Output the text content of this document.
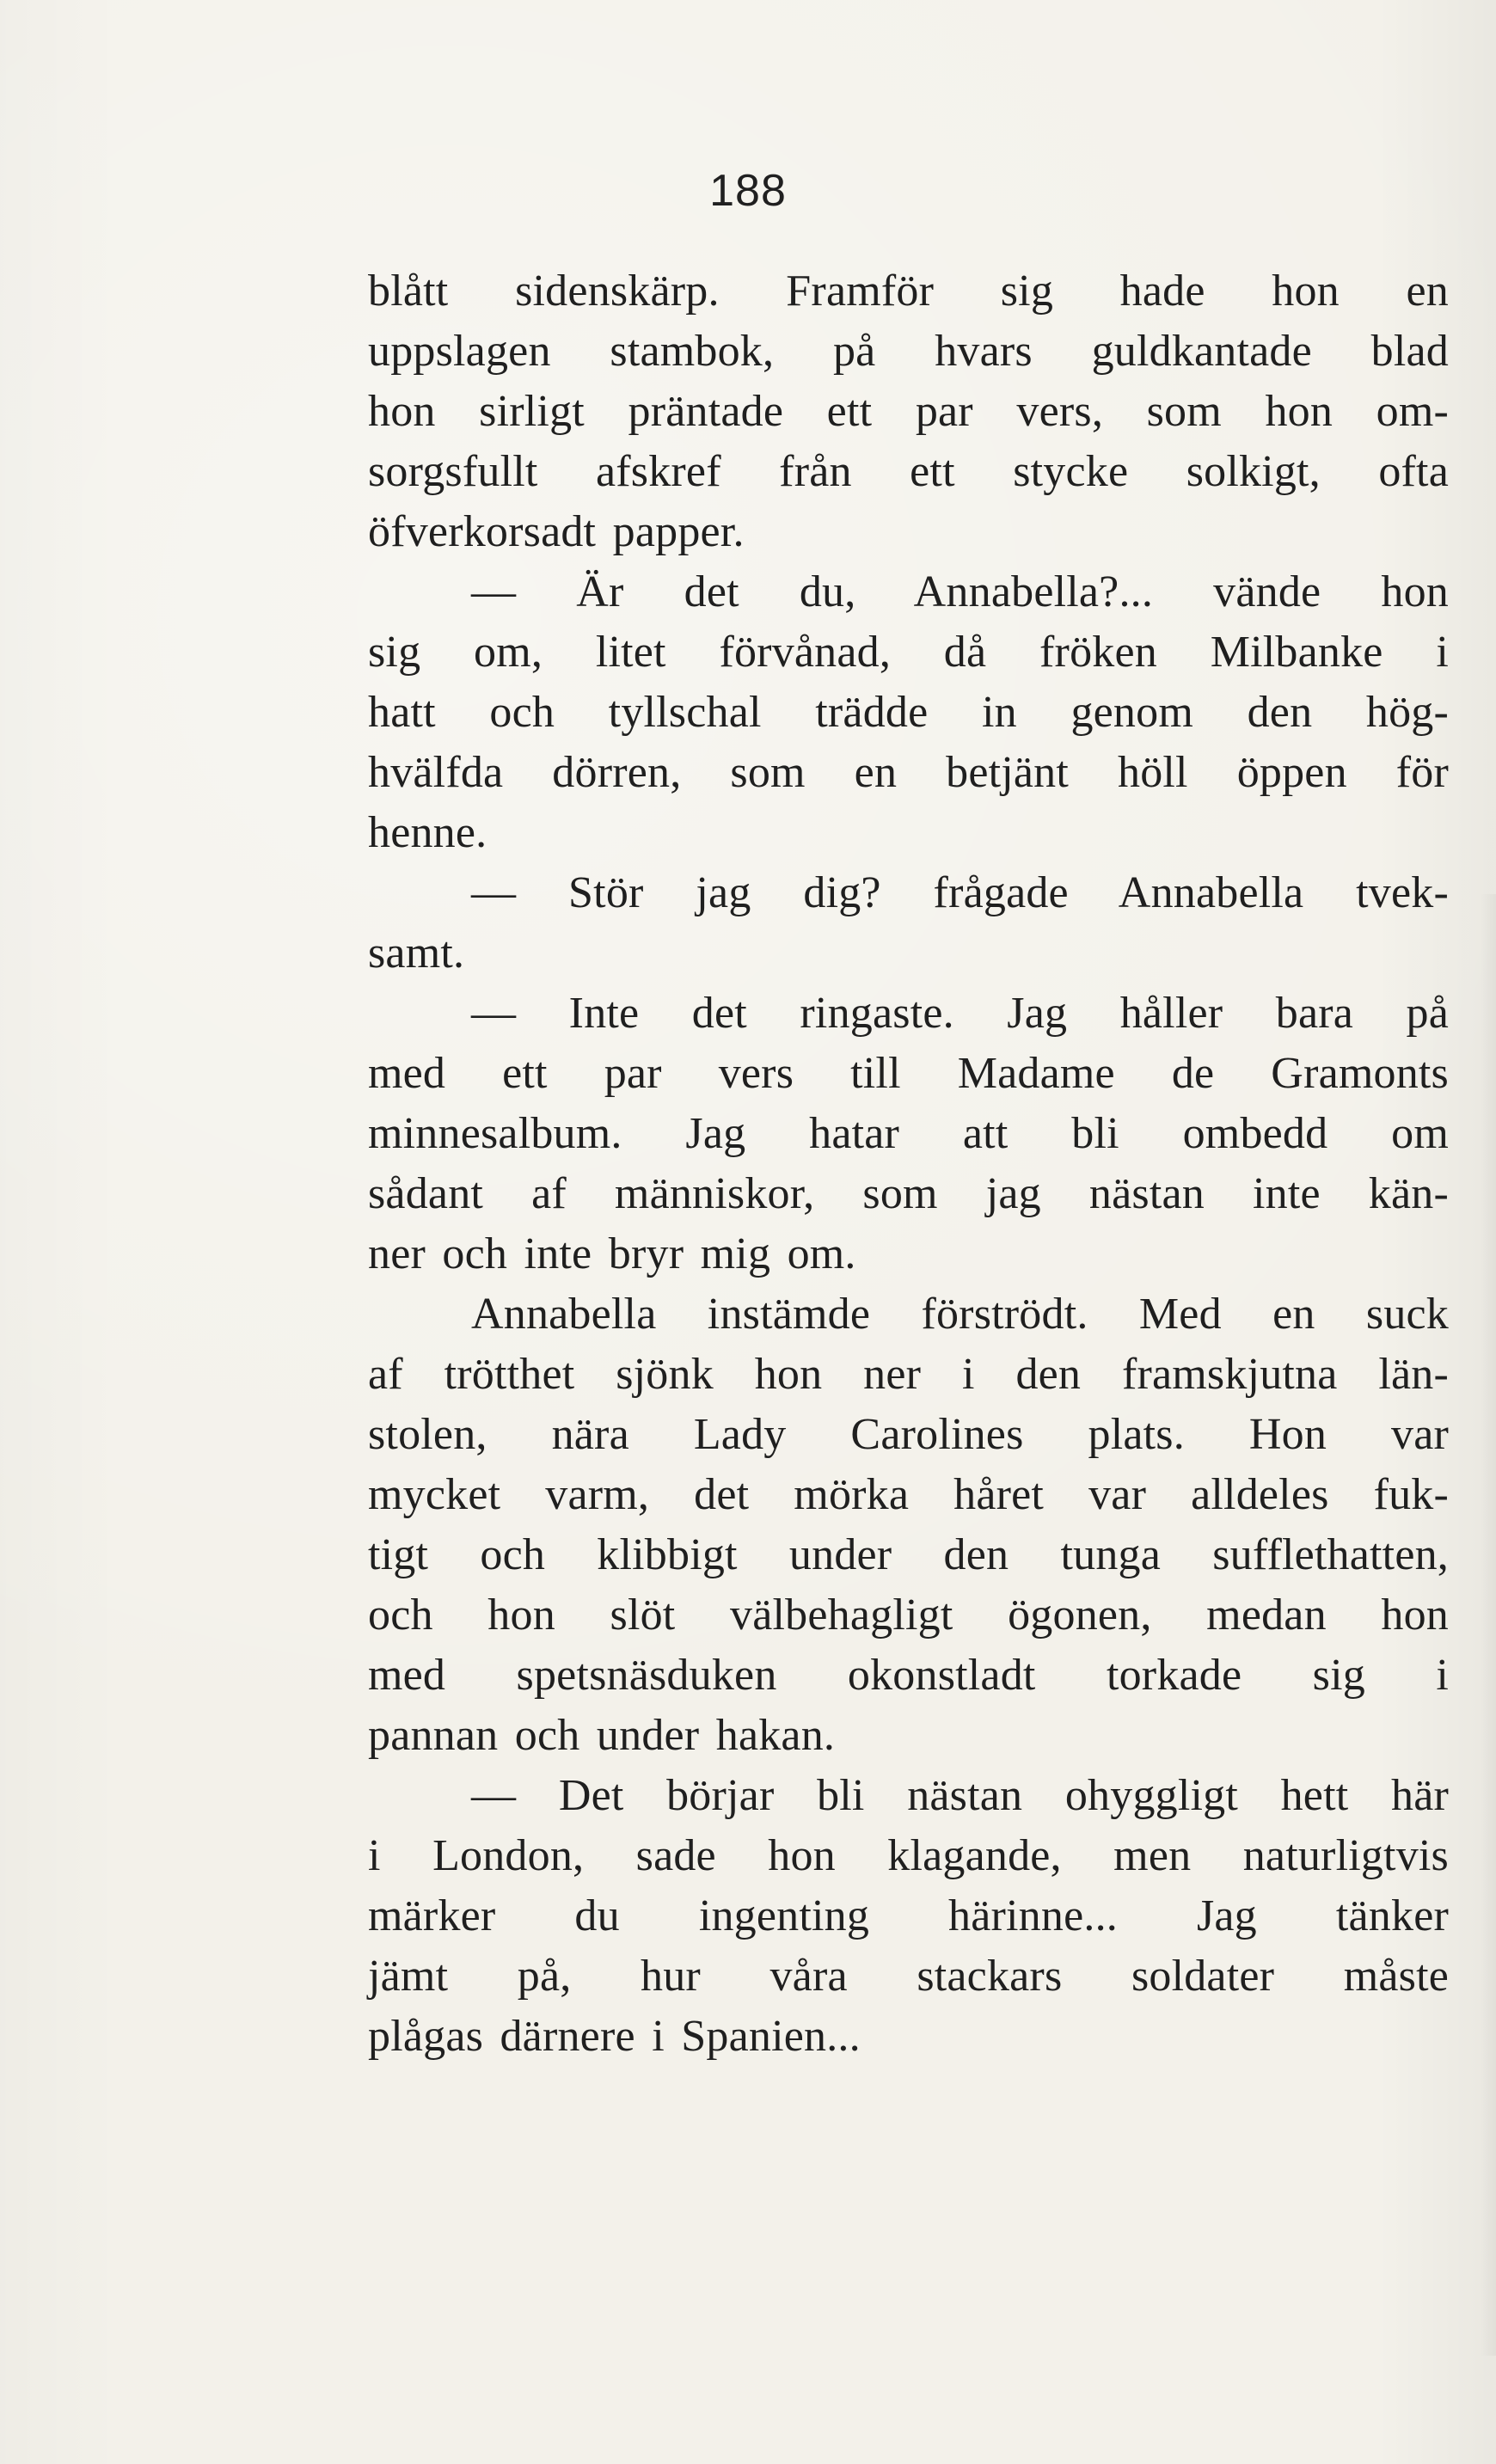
188
blått sidenskärp. Framför sig hade hon en
uppslagen stambok, på hvars guldkantade blad
hon sirligt präntade ett par vers, som hon om-
sorgsfullt afskref från ett stycke solkigt, ofta
öfverkorsadt papper.
— Är det du, Annabella?... vände hon
sig om, litet förvånad, då fröken Milbanke i
hatt och tyllschal trädde in genom den hög-
hvälfda dörren, som en betjänt höll öppen för
henne.
— Stör jag dig? frågade Annabella tvek-
samt.
— Inte det ringaste. Jag håller bara på
med ett par vers till Madame de Gramonts
minnesalbum. Jag hatar att bli ombedd om
sådant af människor, som jag nästan inte kän-
ner och inte bryr mig om.
Annabella instämde förströdt. Med en suck
af trötthet sjönk hon ner i den framskjutna län-
stolen, nära Lady Carolines plats. Hon var
mycket varm, det mörka håret var alldeles fuk-
tigt och klibbigt under den tunga sufflethatten,
och hon slöt välbehagligt ögonen, medan hon
med spetsnäsduken okonstladt torkade sig i
pannan och under hakan.
— Det börjar bli nästan ohyggligt hett här
i London, sade hon klagande, men naturligtvis
märker du ingenting härinne... Jag tänker
jämt på, hur våra stackars soldater måste
plågas därnere i Spanien...
